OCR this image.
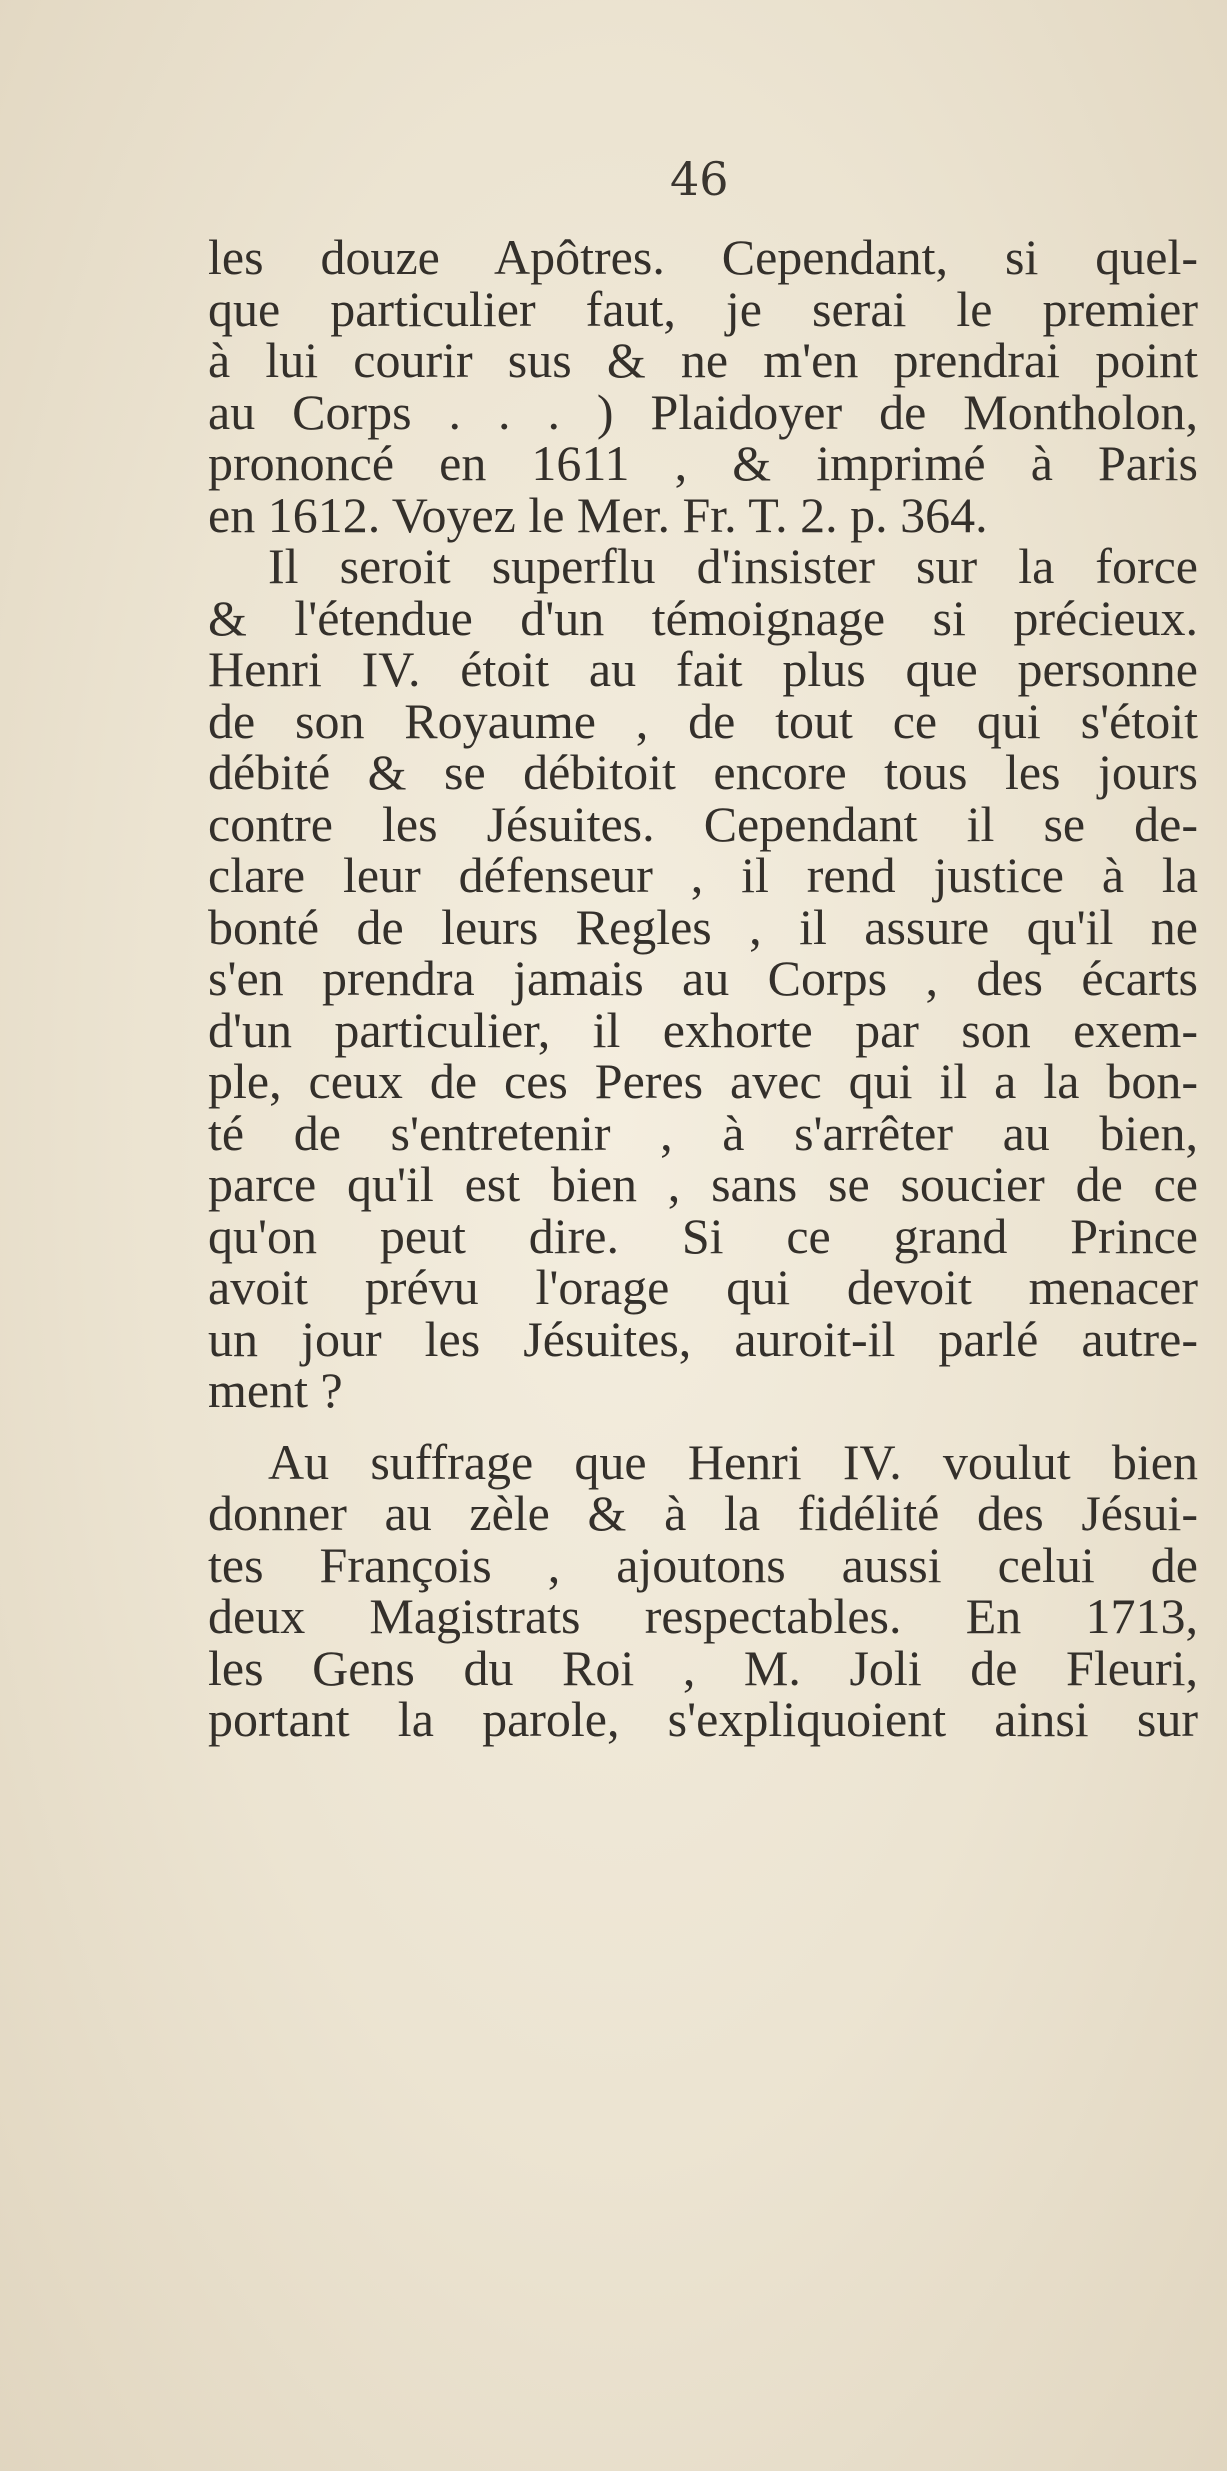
46
les douze Apôtres. Cependant, si quel-
que particulier faut, je serai le premier
à lui courir sus & ne m'en prendrai point
au Corps . . . ) Plaidoyer de Montholon,
prononcé en 1611 , & imprimé à Paris
en 1612. Voyez le Mer. Fr. T. 2. p. 364.
Il seroit superflu d'insister sur la force
& l'étendue d'un témoignage si précieux.
Henri IV. étoit au fait plus que personne
de son Royaume , de tout ce qui s'étoit
débité & se débitoit encore tous les jours
contre les Jésuites. Cependant il se de-
clare leur défenseur , il rend justice à la
bonté de leurs Regles , il assure qu'il ne
s'en prendra jamais au Corps , des écarts
d'un particulier, il exhorte par son exem-
ple, ceux de ces Peres avec qui il a la bon-
té de s'entretenir , à s'arrêter au bien,
parce qu'il est bien , sans se soucier de ce
qu'on peut dire. Si ce grand Prince
avoit prévu l'orage qui devoit menacer
un jour les Jésuites, auroit-il parlé autre-
ment ?
Au suffrage que Henri IV. voulut bien
donner au zèle & à la fidélité des Jésui-
tes François , ajoutons aussi celui de
deux Magistrats respectables. En 1713,
les Gens du Roi , M. Joli de Fleuri,
portant la parole, s'expliquoient ainsi sur
